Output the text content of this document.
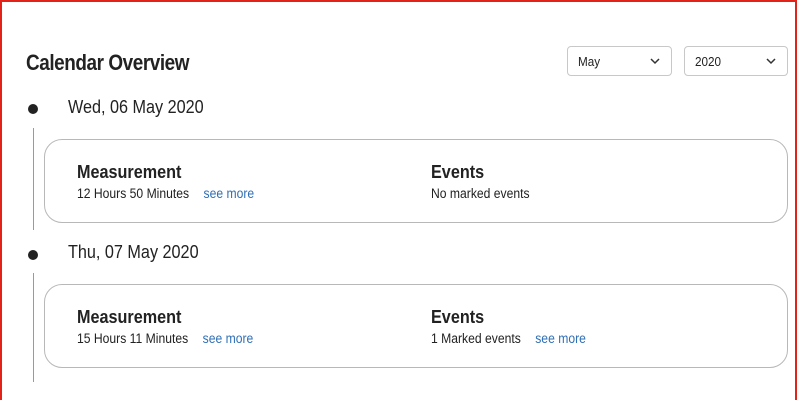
Calendar Overview	May	2020
Wed, 06 May 2020
Measurement
12 Hours 50 Minutes see more
Events
No marked events
Thu, 07 May 2020
Measurement
15 Hours 11 Minutes see more
Events
1 Marked events see more
